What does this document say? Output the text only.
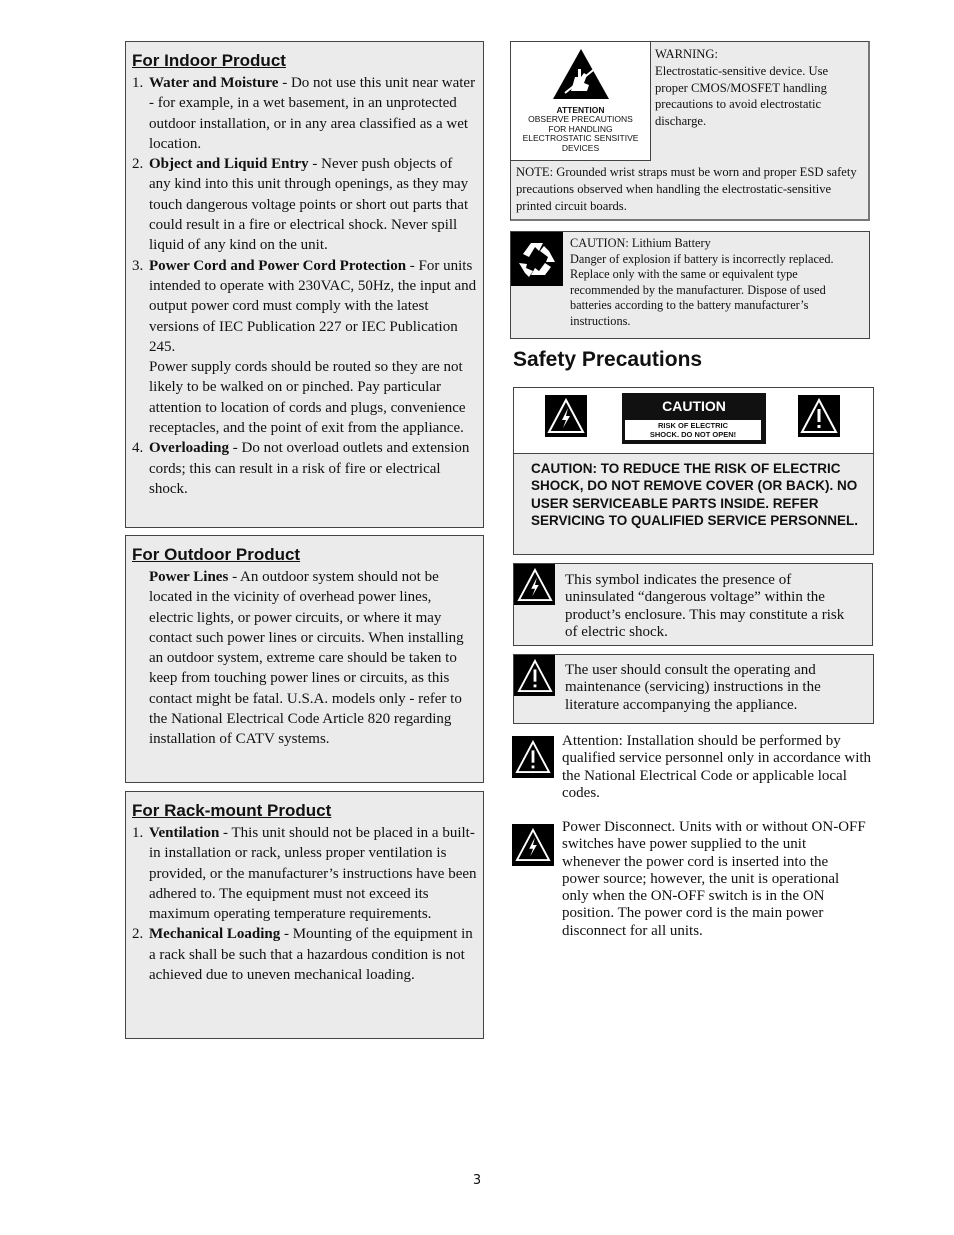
For Indoor Product
1. Water and Moisture - Do not use this unit near water - for example, in a wet basement, in an unprotected outdoor installation, or in any area classified as a wet location.
2. Object and Liquid Entry - Never push objects of any kind into this unit through openings, as they may touch dangerous voltage points or short out parts that could result in a fire or electrical shock. Never spill liquid of any kind on the unit.
3. Power Cord and Power Cord Protection - For units intended to operate with 230VAC, 50Hz, the input and output power cord must comply with the latest versions of IEC Publication 227 or IEC Publication 245.
Power supply cords should be routed so they are not likely to be walked on or pinched. Pay particular attention to location of cords and plugs, convenience receptacles, and the point of exit from the appliance.
4. Overloading - Do not overload outlets and extension cords; this can result in a risk of fire or electrical shock.
For Outdoor Product
Power Lines - An outdoor system should not be located in the vicinity of overhead power lines, electric lights, or power circuits, or where it may contact such power lines or circuits. When installing an outdoor system, extreme care should be taken to keep from touching power lines or circuits, as this contact might be fatal. U.S.A. models only - refer to the National Electrical Code Article 820 regarding installation of CATV systems.
For Rack-mount Product
1. Ventilation - This unit should not be placed in a built-in installation or rack, unless proper ventilation is provided, or the manufacturer’s instructions have been adhered to. The equipment must not exceed its maximum operating temperature requirements.
2. Mechanical Loading - Mounting of the equipment in a rack shall be such that a hazardous condition is not achieved due to uneven mechanical loading.
ATTENTION
OBSERVE PRECAUTIONS
FOR HANDLING
ELECTROSTATIC SENSITIVE
DEVICES
WARNING:
Electrostatic-sensitive device. Use proper CMOS/MOSFET handling precautions to avoid electrostatic discharge.
NOTE: Grounded wrist straps must be worn and proper ESD safety precautions observed when handling the electrostatic-sensitive printed circuit boards.
CAUTION: Lithium Battery
Danger of explosion if battery is incorrectly replaced. Replace only with the same or equivalent type recommended by the manufacturer. Dispose of used batteries according to the battery manufacturer’s instructions.
Safety Precautions
CAUTION
RISK OF ELECTRIC
SHOCK. DO NOT OPEN!
CAUTION: TO REDUCE THE RISK OF ELECTRIC SHOCK, DO NOT REMOVE COVER (OR BACK). NO USER SERVICEABLE PARTS INSIDE. REFER SERVICING TO QUALIFIED SERVICE PERSONNEL.
This symbol indicates the presence of uninsulated “dangerous voltage” within the product’s enclosure. This may constitute a risk of electric shock.
The user should consult the operating and maintenance (servicing) instructions in the literature accompanying the appliance.
Attention: Installation should be performed by qualified service personnel only in accordance with the National Electrical Code or applicable local codes.
Power Disconnect. Units with or without ON-OFF switches have power supplied to the unit whenever the power cord is inserted into the power source; however, the unit is operational only when the ON-OFF switch is in the ON position. The power cord is the main power disconnect for all units.
3
